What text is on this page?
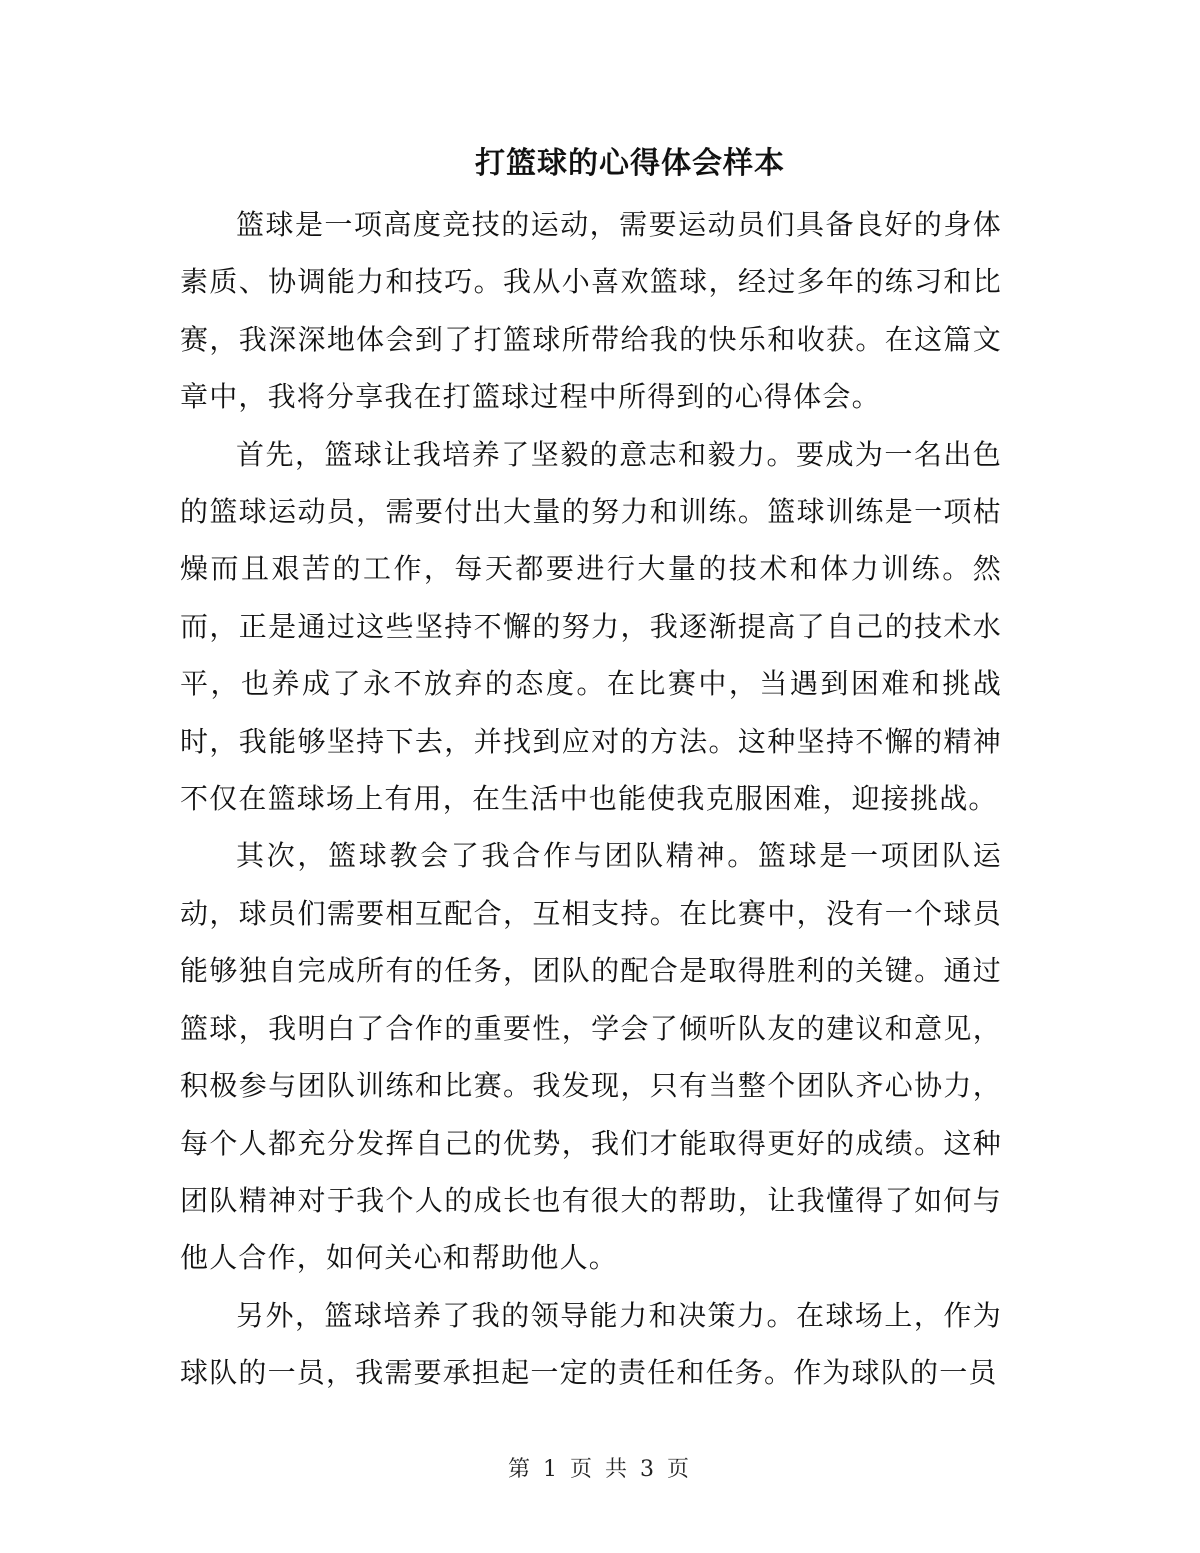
打篮球的心得体会样本

篮球是一项高度竞技的运动，需要运动员们具备良好的身体素质、协调能力和技巧。我从小喜欢篮球，经过多年的练习和比赛，我深深地体会到了打篮球所带给我的快乐和收获。在这篇文章中，我将分享我在打篮球过程中所得到的心得体会。

首先，篮球让我培养了坚毅的意志和毅力。要成为一名出色的篮球运动员，需要付出大量的努力和训练。篮球训练是一项枯燥而且艰苦的工作，每天都要进行大量的技术和体力训练。然而，正是通过这些坚持不懈的努力，我逐渐提高了自己的技术水平，也养成了永不放弃的态度。在比赛中，当遇到困难和挑战时，我能够坚持下去，并找到应对的方法。这种坚持不懈的精神不仅在篮球场上有用，在生活中也能使我克服困难，迎接挑战。

其次，篮球教会了我合作与团队精神。篮球是一项团队运动，球员们需要相互配合，互相支持。在比赛中，没有一个球员能够独自完成所有的任务，团队的配合是取得胜利的关键。通过篮球，我明白了合作的重要性，学会了倾听队友的建议和意见，积极参与团队训练和比赛。我发现，只有当整个团队齐心协力，每个人都充分发挥自己的优势，我们才能取得更好的成绩。这种团队精神对于我个人的成长也有很大的帮助，让我懂得了如何与他人合作，如何关心和帮助他人。

另外，篮球培养了我的领导能力和决策力。在球场上，作为球队的一员，我需要承担起一定的责任和任务。作为球队的一员

第 1 页 共 3 页
